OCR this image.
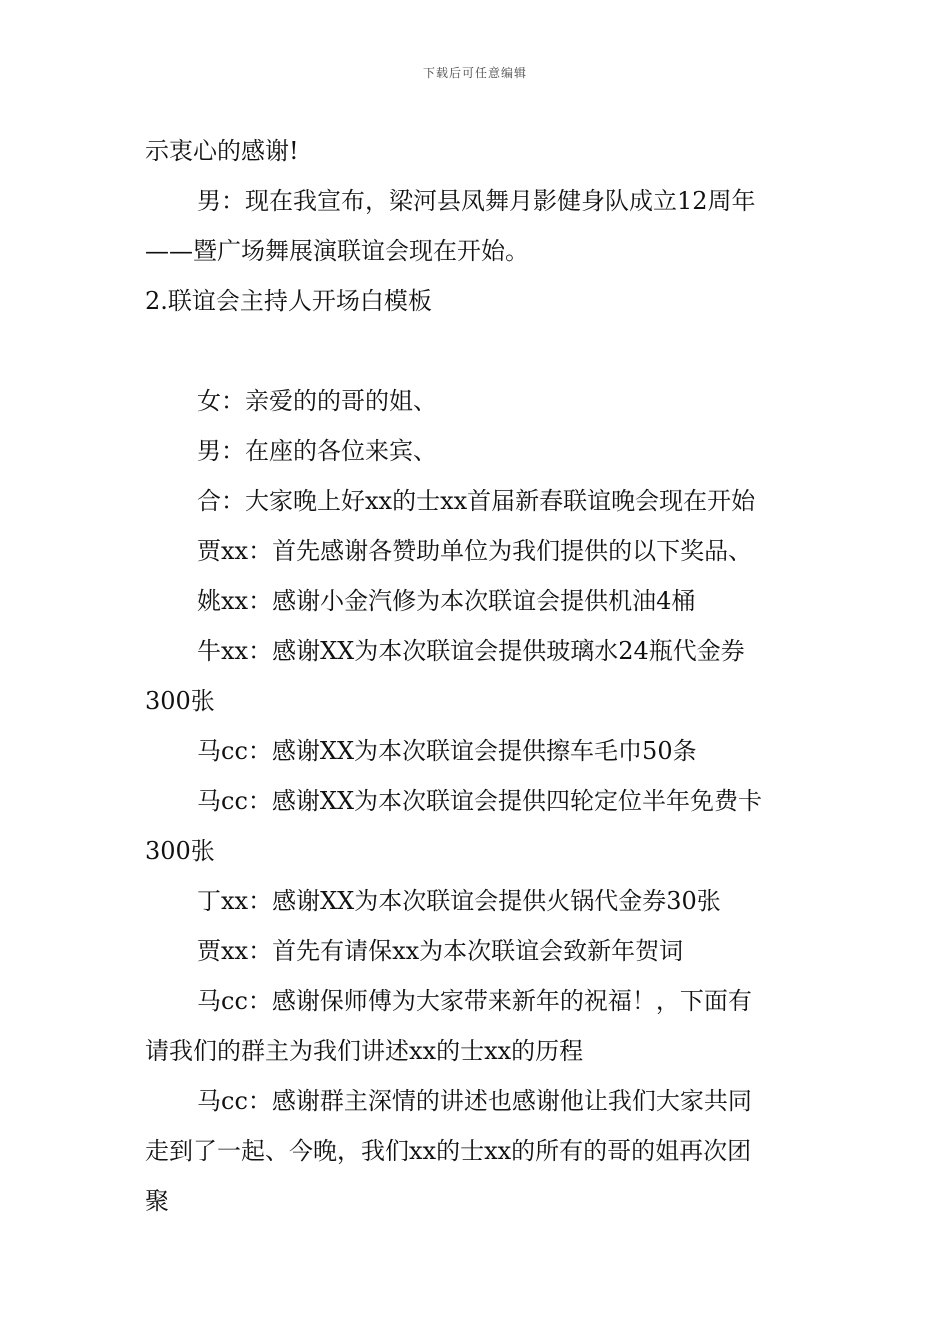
下载后可任意编辑
示衷心的感谢!
男：现在我宣布，梁河县凤舞月影健身队成立12周年
——暨广场舞展演联谊会现在开始。
2.联谊会主持人开场白模板
女：亲爱的的哥的姐、
男：在座的各位来宾、
合：大家晚上好xx的士xx首届新春联谊晚会现在开始
贾xx：首先感谢各赞助单位为我们提供的以下奖品、
姚xx：感谢小金汽修为本次联谊会提供机油4桶
牛xx：感谢XX为本次联谊会提供玻璃水24瓶代金券
300张
马cc：感谢XX为本次联谊会提供擦车毛巾50条
马cc：感谢XX为本次联谊会提供四轮定位半年免费卡
300张
丁xx：感谢XX为本次联谊会提供火锅代金券30张
贾xx：首先有请保xx为本次联谊会致新年贺词
马cc：感谢保师傅为大家带来新年的祝福！，下面有
请我们的群主为我们讲述xx的士xx的历程
马cc：感谢群主深情的讲述也感谢他让我们大家共同
走到了一起、今晚，我们xx的士xx的所有的哥的姐再次团
聚
